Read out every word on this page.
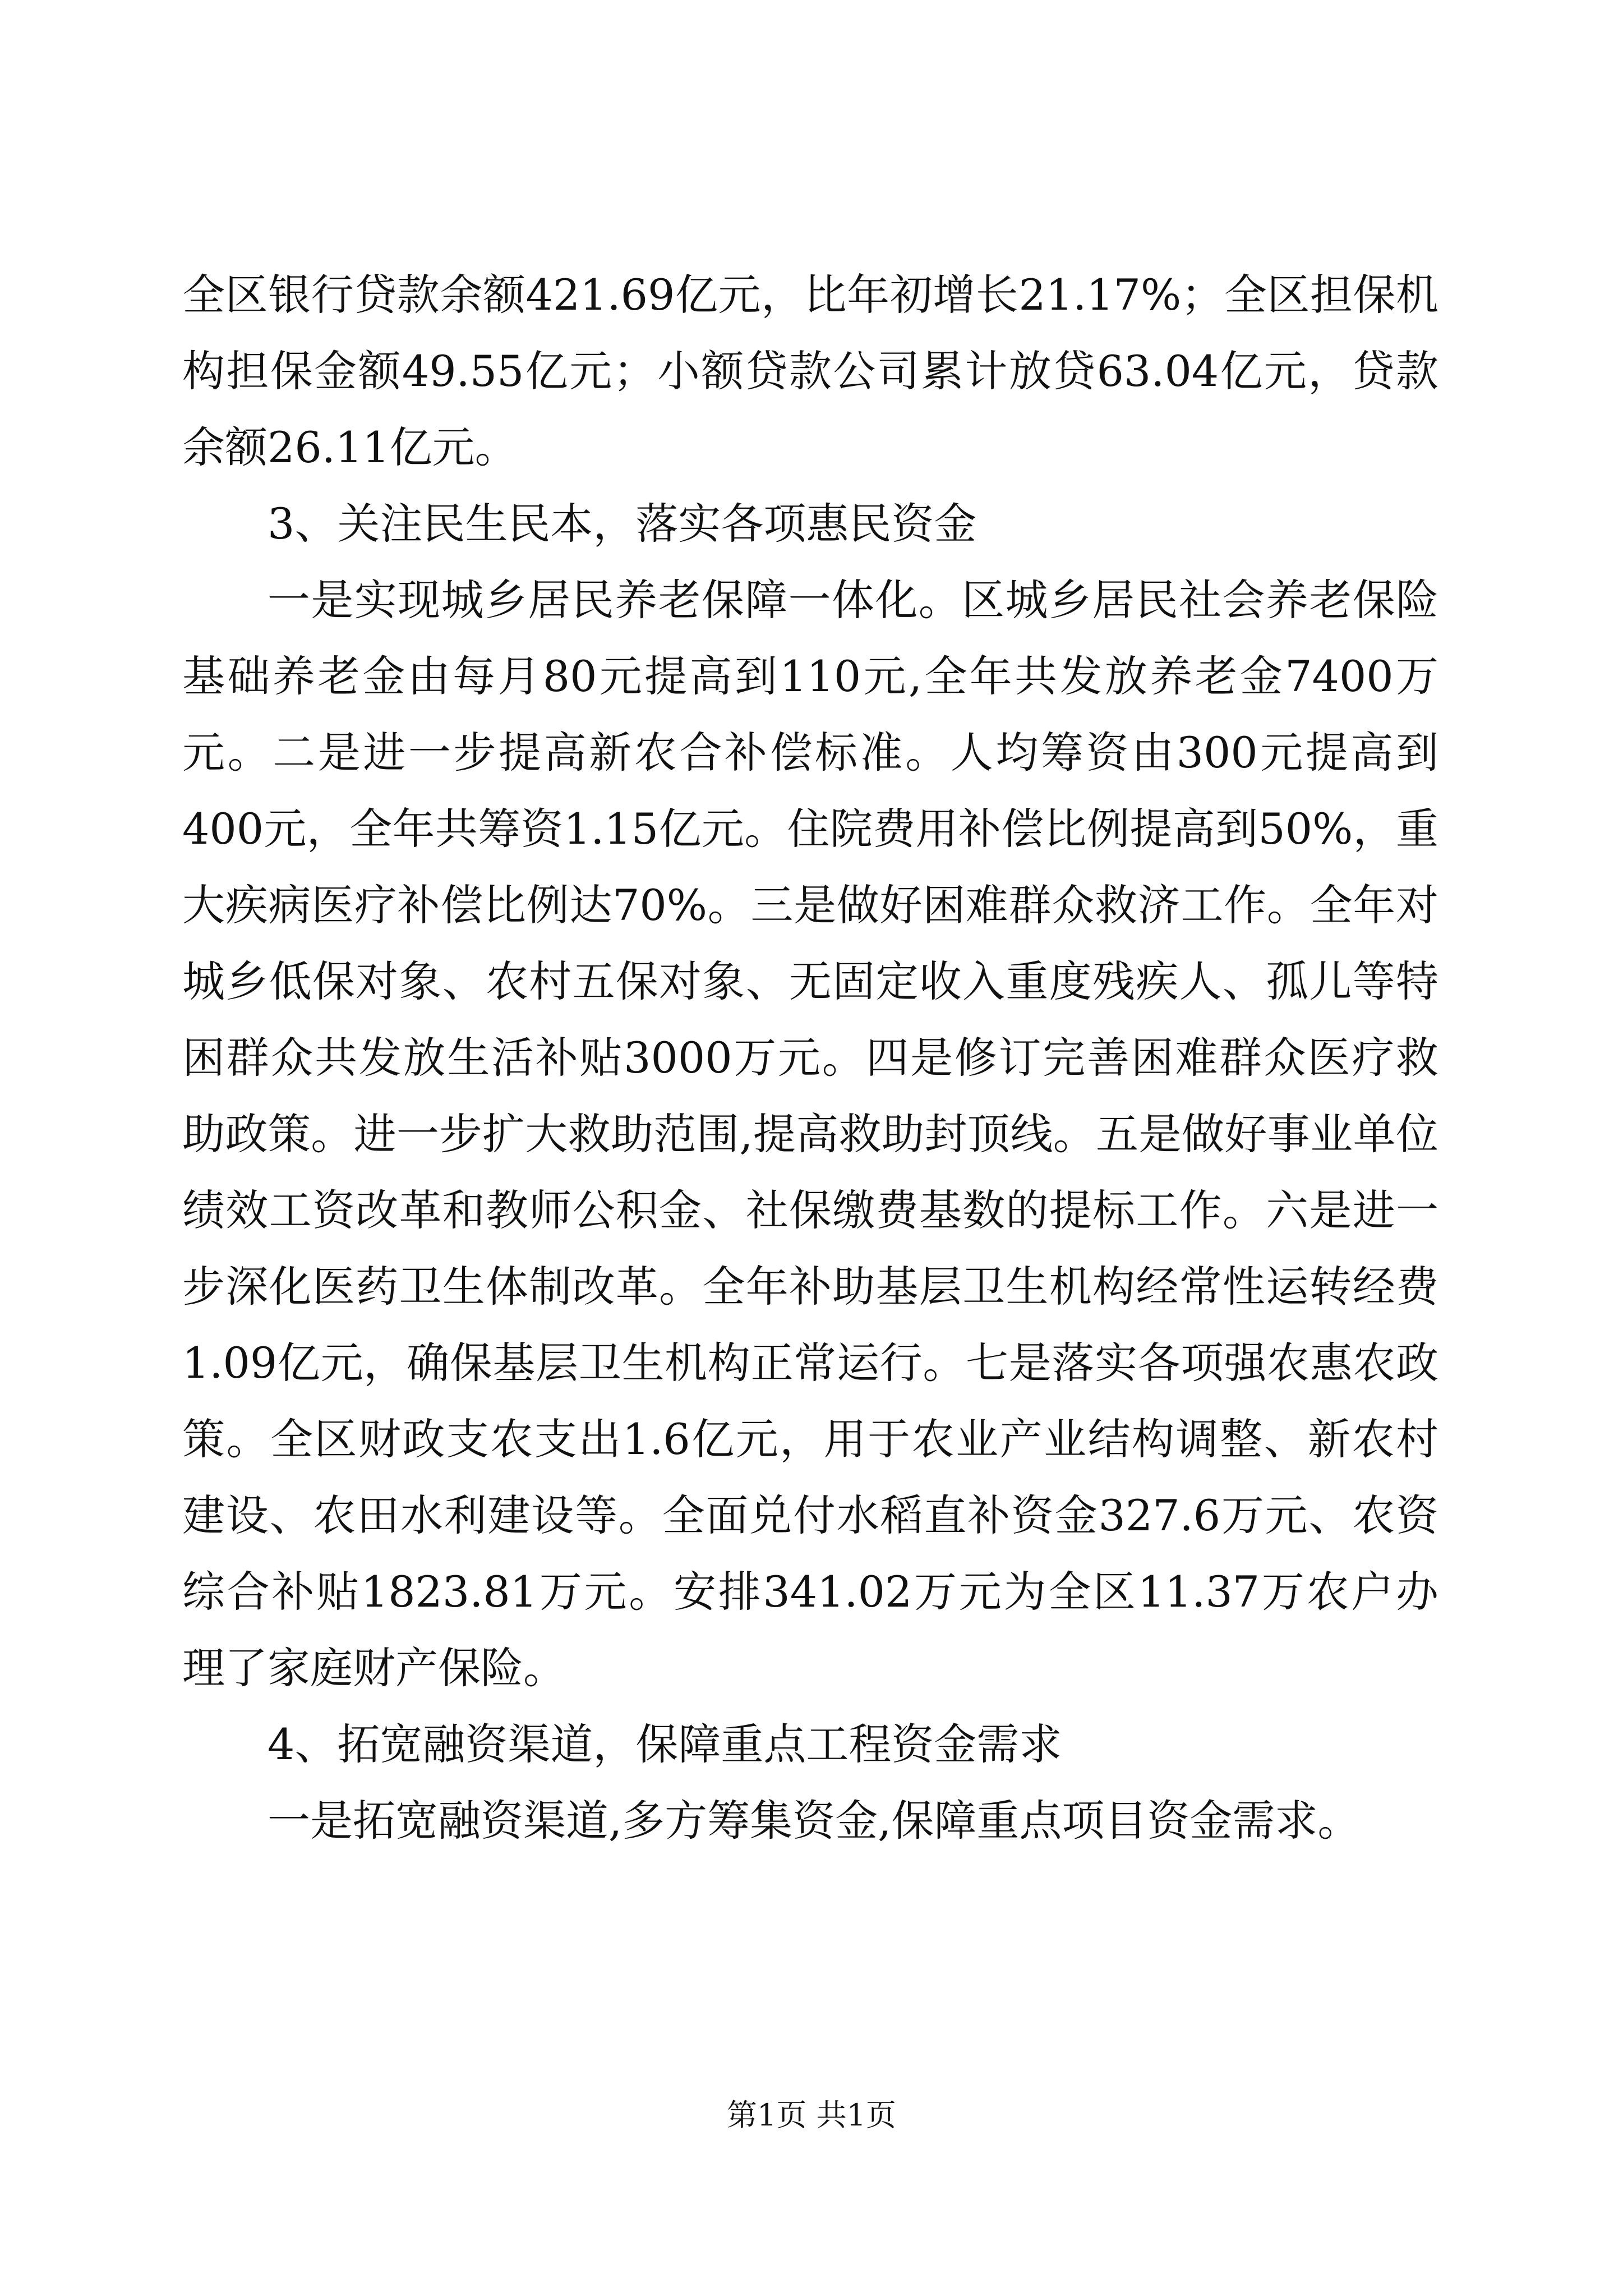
全区银行贷款余额421.69亿元，比年初增长21.17%；全区担保机构担保金额49.55亿元；小额贷款公司累计放贷63.04亿元，贷款余额26.11亿元。

3、关注民生民本，落实各项惠民资金

一是实现城乡居民养老保障一体化。区城乡居民社会养老保险基础养老金由每月80元提高到110元,全年共发放养老金7400万元。二是进一步提高新农合补偿标准。人均筹资由300元提高到400元，全年共筹资1.15亿元。住院费用补偿比例提高到50%，重大疾病医疗补偿比例达70%。三是做好困难群众救济工作。全年对城乡低保对象、农村五保对象、无固定收入重度残疾人、孤儿等特困群众共发放生活补贴3000万元。四是修订完善困难群众医疗救助政策。进一步扩大救助范围,提高救助封顶线。五是做好事业单位绩效工资改革和教师公积金、社保缴费基数的提标工作。六是进一步深化医药卫生体制改革。全年补助基层卫生机构经常性运转经费1.09亿元，确保基层卫生机构正常运行。七是落实各项强农惠农政策。全区财政支农支出1.6亿元，用于农业产业结构调整、新农村建设、农田水利建设等。全面兑付水稻直补资金327.6万元、农资综合补贴1823.81万元。安排341.02万元为全区11.37万农户办理了家庭财产保险。

4、拓宽融资渠道，保障重点工程资金需求

一是拓宽融资渠道,多方筹集资金,保障重点项目资金需求。

第1页 共1页
